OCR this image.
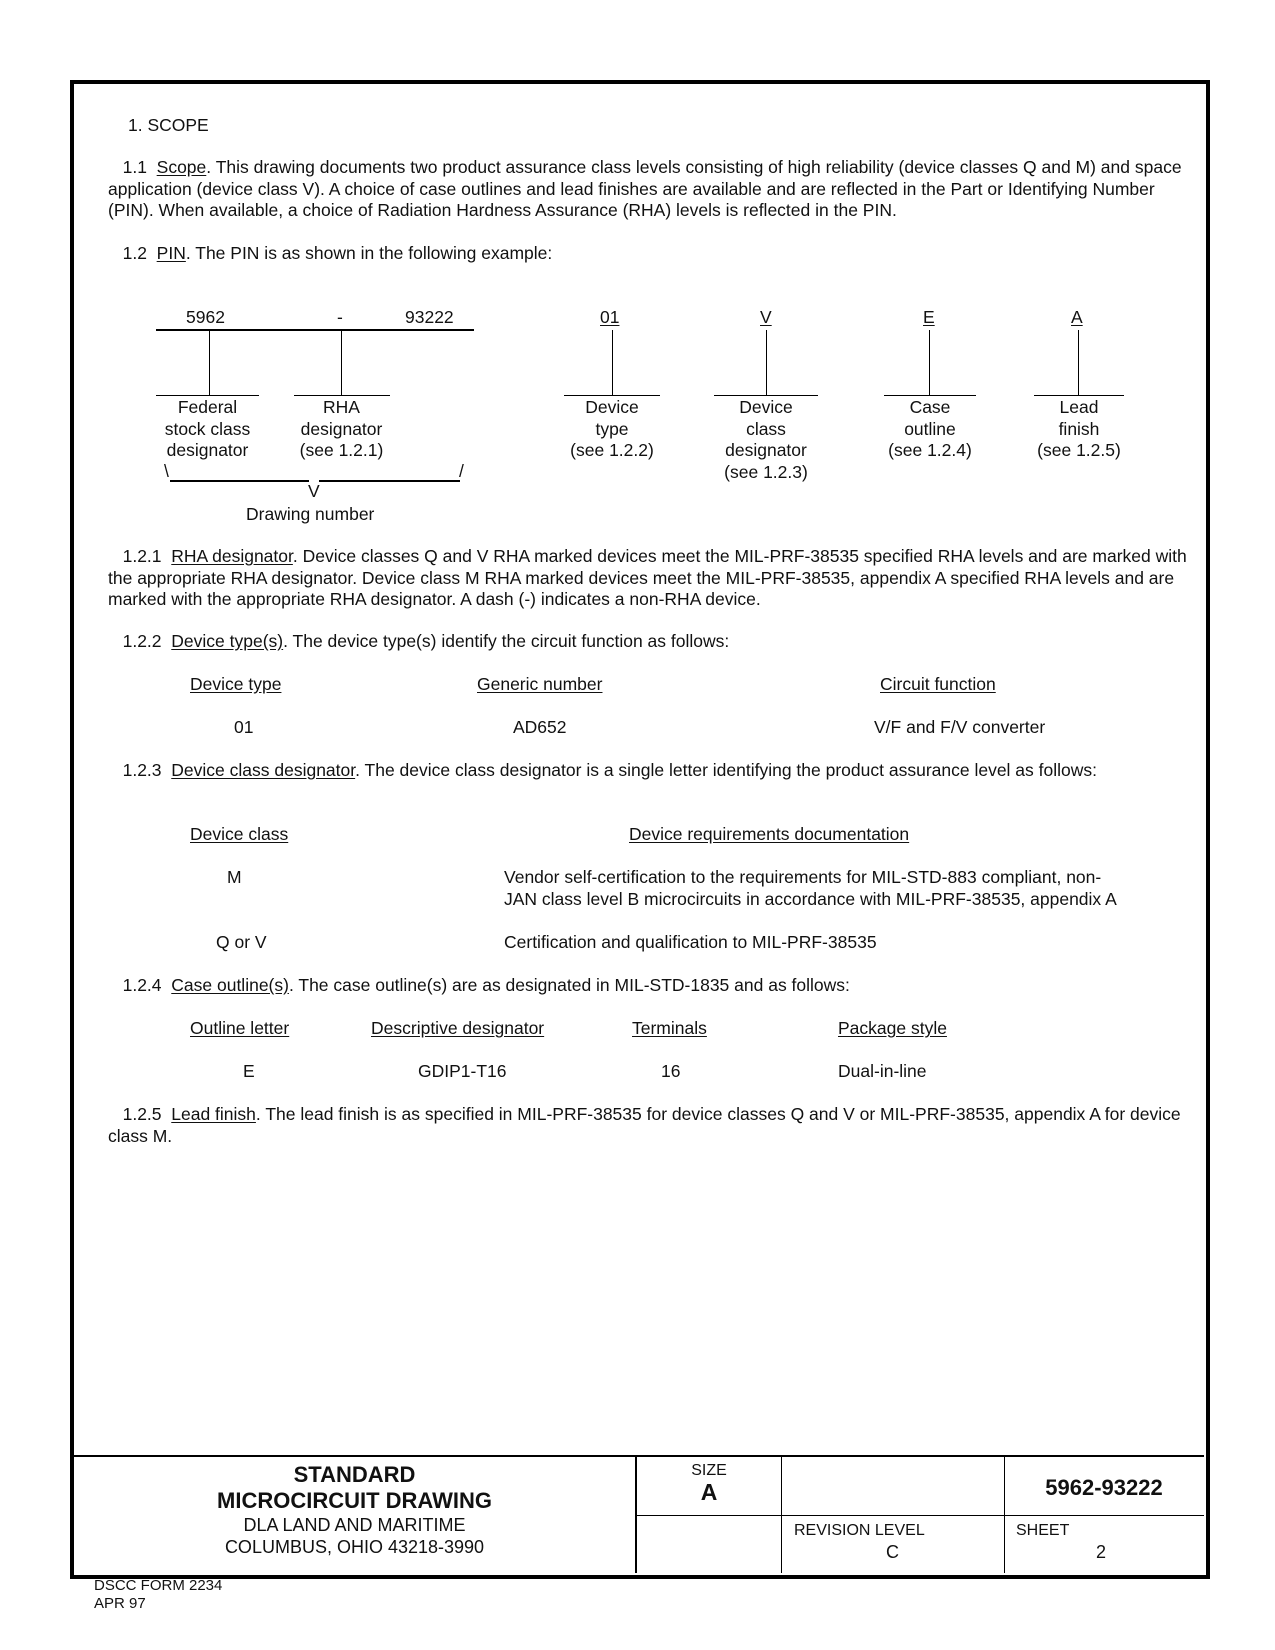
1. SCOPE
1.1 Scope. This drawing documents two product assurance class levels consisting of high reliability (device classes Q and M) and space application (device class V). A choice of case outlines and lead finishes are available and are reflected in the Part or Identifying Number (PIN). When available, a choice of Radiation Hardness Assurance (RHA) levels is reflected in the PIN.
1.2 PIN. The PIN is as shown in the following example:
5962	-	93222
Federal
stock class
designator
RHA
designator
(see 1.2.1)
\	/
V
Drawing number
01
Device
type
(see 1.2.2)
V
Device
class
designator
(see 1.2.3)
E
Case
outline
(see 1.2.4)
A
Lead
finish
(see 1.2.5)
1.2.1 RHA designator. Device classes Q and V RHA marked devices meet the MIL-PRF-38535 specified RHA levels and are marked with the appropriate RHA designator. Device class M RHA marked devices meet the MIL-PRF-38535, appendix A specified RHA levels and are marked with the appropriate RHA designator. A dash (-) indicates a non-RHA device.
1.2.2 Device type(s). The device type(s) identify the circuit function as follows:
Device type	Generic number	Circuit function
01	AD652	V/F and F/V converter
1.2.3 Device class designator. The device class designator is a single letter identifying the product assurance level as follows:
Device class	Device requirements documentation
M	Vendor self-certification to the requirements for MIL-STD-883 compliant, non-
JAN class level B microcircuits in accordance with MIL-PRF-38535, appendix A
Q or V	Certification and qualification to MIL-PRF-38535
1.2.4 Case outline(s). The case outline(s) are as designated in MIL-STD-1835 and as follows:
Outline letter	Descriptive designator	Terminals	Package style
E	GDIP1-T16	16	Dual-in-line
1.2.5 Lead finish. The lead finish is as specified in MIL-PRF-38535 for device classes Q and V or MIL-PRF-38535, appendix A for device class M.
STANDARD
MICROCIRCUIT DRAWING
DLA LAND AND MARITIME
COLUMBUS, OHIO 43218-3990
SIZE
A	5962-93222
REVISION LEVEL
C
SHEET
2
DSCC FORM 2234
APR 97
